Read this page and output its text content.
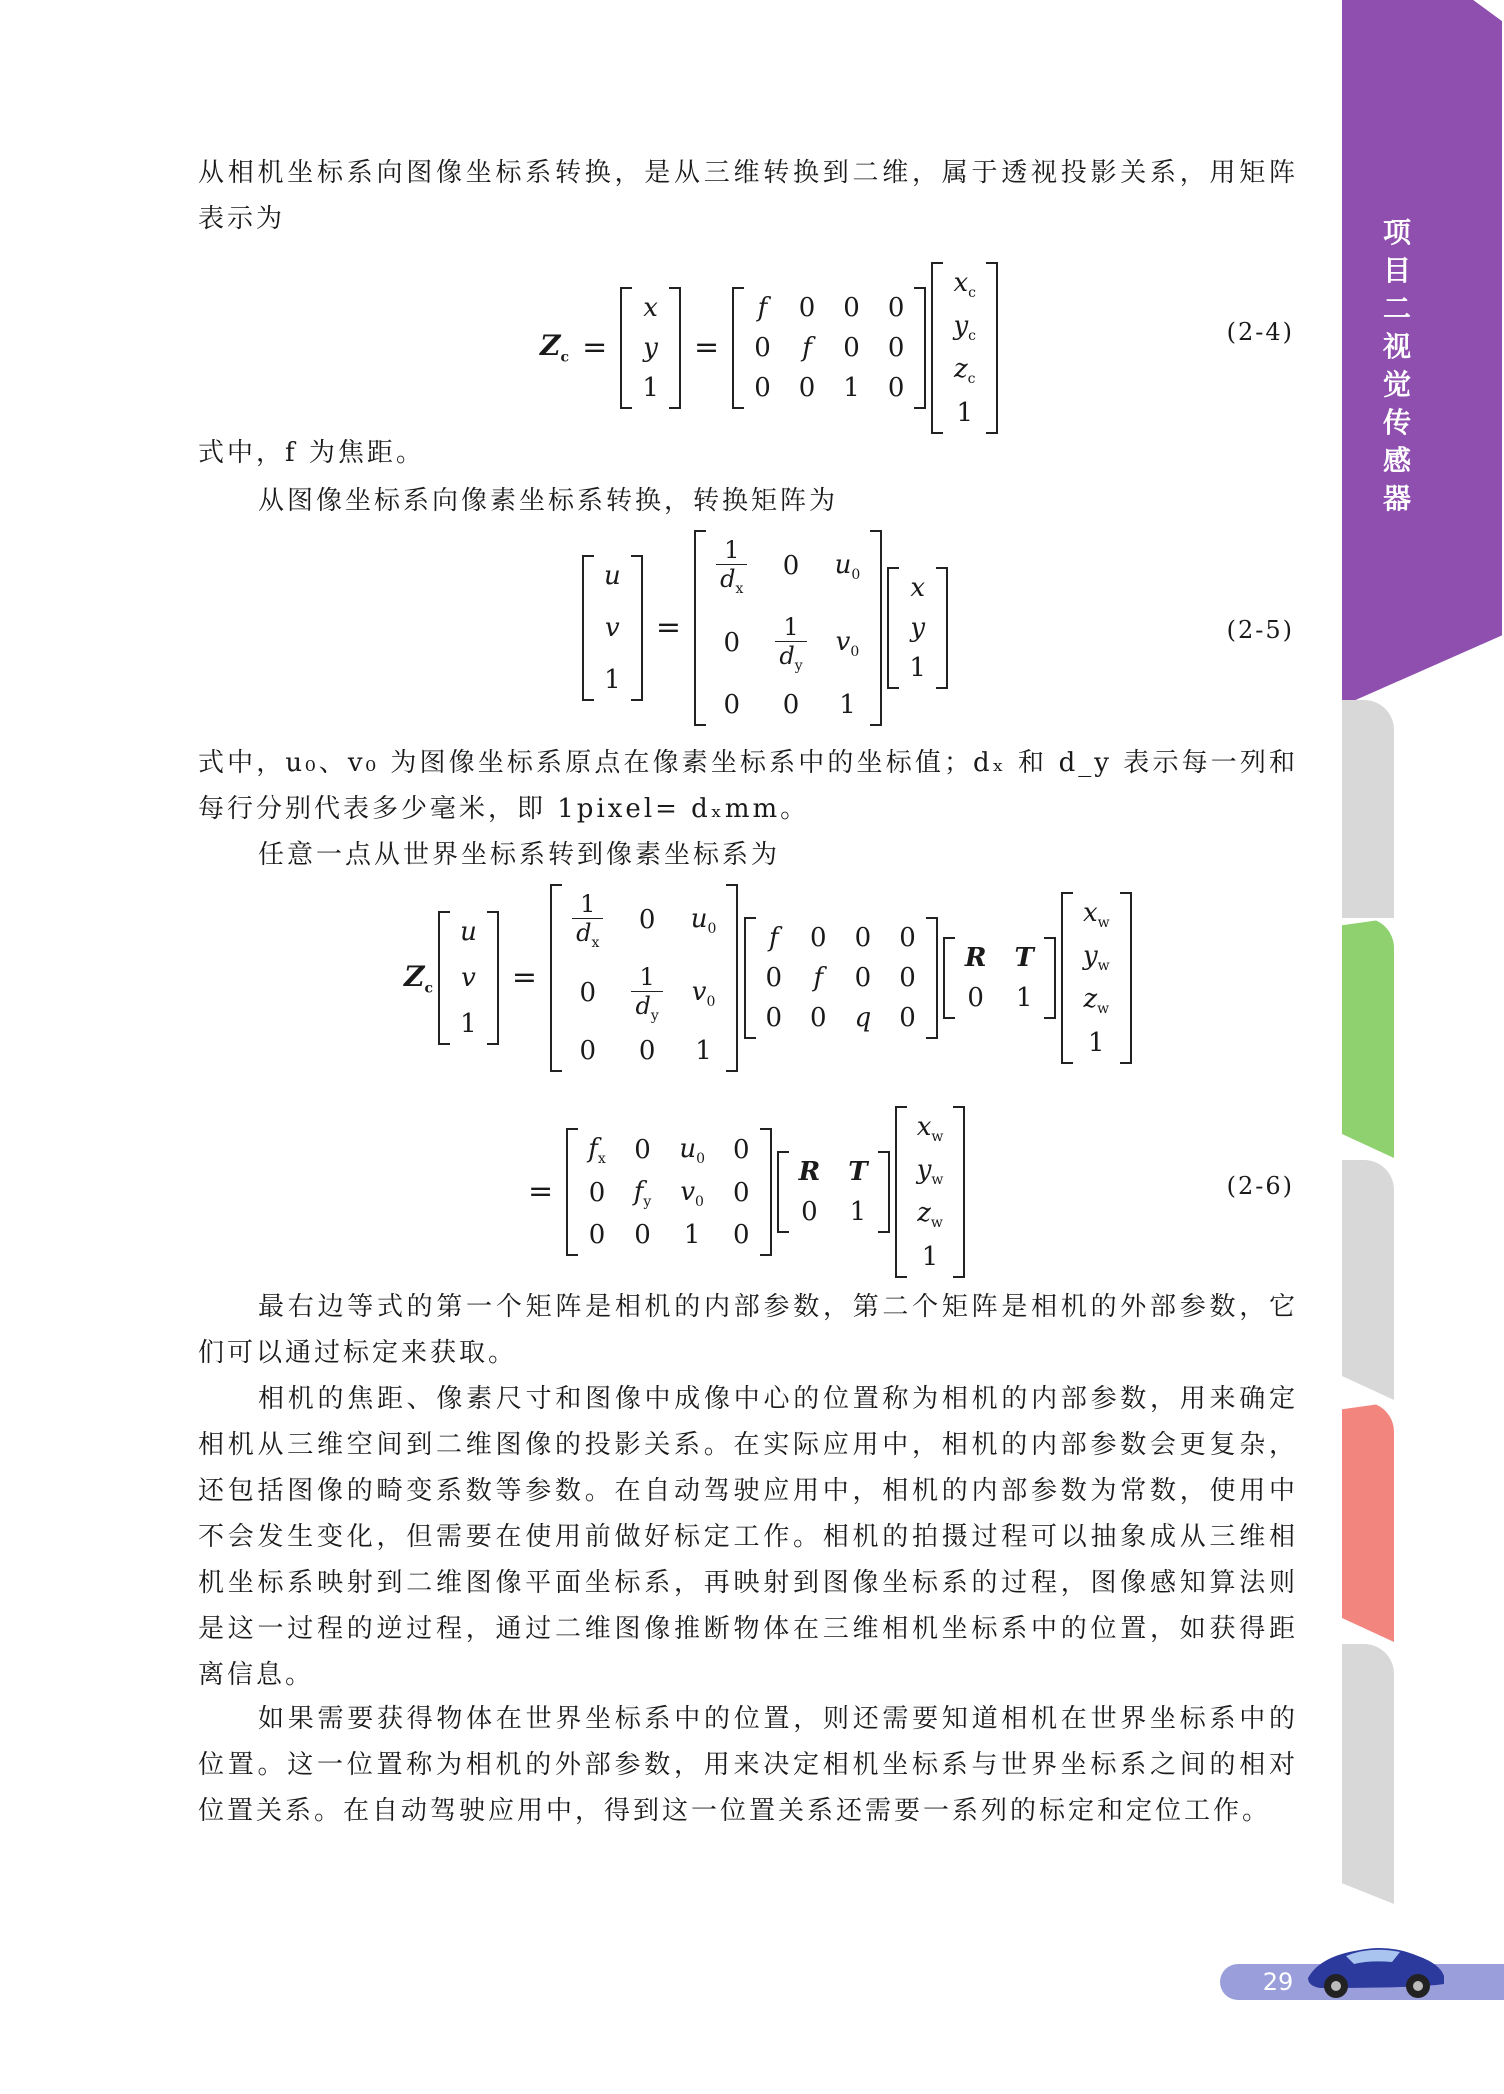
项目二 视觉传感器

从相机坐标系向图像坐标系转换，是从三维转换到二维，属于透视投影关系，用矩阵表示为

$Z_c$ =
x
y
1
=
f 0 0 0
0 f 0 0
0 0 1 0

$x_c$
$y_c$
$z_c$
1
(2-4)

式中，f 为焦距。

从图像坐标系向像素坐标系转换，转换矩阵为

u
v
1
=
$\frac{1}{d_x} 0$ $u_0$
$0 \frac{1}{d_y} v_0$
0 0 1

x
y
1
(2-5)

式中，u₀、v₀ 为图像坐标系原点在像素坐标系中的坐标值；dₓ 和 d_y 表示每一列和每行分别代表多少毫米，即 1pixel= dₓmm。

任意一点从世界坐标系转到像素坐标系为

$Z_c$
u
v
1
=
$\frac{1}{d_x} 0$ $u_0$
$0 \frac{1}{d_y} v_0$
0 0 1

f 0 0 0
0 f 0 0
0 0 q 0

R T
0 1

$x_w$
$y_w$
$z_w$
1
=
$f_x$ 0 $u_0$ 0
0 $f_y$ $v_0$ 0
0 0 1 0

R T
0 1

$x_w$
$y_w$
$z_w$
1
(2-6)

最右边等式的第一个矩阵是相机的内部参数，第二个矩阵是相机的外部参数，它们可以通过标定来获取。

相机的焦距、像素尺寸和图像中成像中心的位置称为相机的内部参数，用来确定相机从三维空间到二维图像的投影关系。在实际应用中，相机的内部参数会更复杂，还包括图像的畸变系数等参数。在自动驾驶应用中，相机的内部参数为常数，使用中不会发生变化，但需要在使用前做好标定工作。相机的拍摄过程可以抽象成从三维相机坐标系映射到二维图像平面坐标系，再映射到图像坐标系的过程，图像感知算法则是这一过程的逆过程，通过二维图像推断物体在三维相机坐标系中的位置，如获得距离信息。

如果需要获得物体在世界坐标系中的位置，则还需要知道相机在世界坐标系中的位置。这一位置称为相机的外部参数，用来决定相机坐标系与世界坐标系之间的相对位置关系。在自动驾驶应用中，得到这一位置关系还需要一系列的标定和定位工作。

29
